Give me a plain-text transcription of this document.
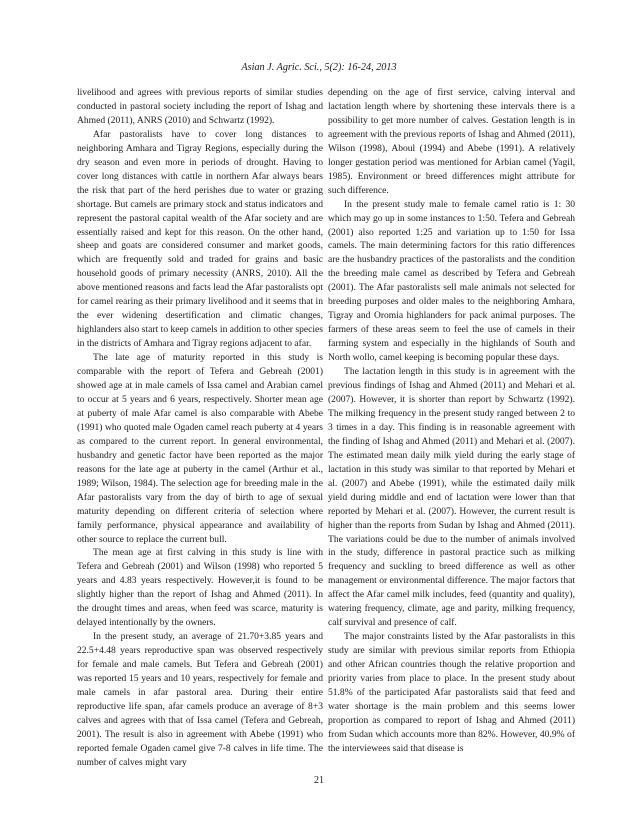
Asian J. Agric. Sci., 5(2): 16-24, 2013

livelihood and agrees with previous reports of similar studies conducted in pastoral society including the report of Ishag and Ahmed (2011), ANRS (2010) and Schwartz (1992).

Afar pastoralists have to cover long distances to neighboring Amhara and Tigray Regions, especially during the dry season and even more in periods of drought. Having to cover long distances with cattle in northern Afar always bears the risk that part of the herd perishes due to water or grazing shortage. But camels are primary stock and status indicators and represent the pastoral capital wealth of the Afar society and are essentially raised and kept for this reason. On the other hand, sheep and goats are considered consumer and market goods, which are frequently sold and traded for grains and basic household goods of primary necessity (ANRS, 2010). All the above mentioned reasons and facts lead the Afar pastoralists opt for camel rearing as their primary livelihood and it seems that in the ever widening desertification and climatic changes, highlanders also start to keep camels in addition to other species in the districts of Amhara and Tigray regions adjacent to afar.

The late age of maturity reported in this study is comparable with the report of Tefera and Gebreah (2001) showed age at in male camels of Issa camel and Arabian camel to occur at 5 years and 6 years, respectively. Shorter mean age at puberty of male Afar camel is also comparable with Abebe (1991) who quoted male Ogaden camel reach puberty at 4 years as compared to the current report. In general environmental, husbandry and genetic factor have been reported as the major reasons for the late age at puberty in the camel (Arthur et al., 1989; Wilson, 1984). The selection age for breeding male in the Afar pastoralists vary from the day of birth to age of sexual maturity depending on different criteria of selection where family performance, physical appearance and availability of other source to replace the current bull.

The mean age at first calving in this study is line with Tefera and Gebreah (2001) and Wilson (1998) who reported 5 years and 4.83 years respectively. However,it is found to be slightly higher than the report of Ishag and Ahmed (2011). In the drought times and areas, when feed was scarce, maturity is delayed intentionally by the owners.

In the present study, an average of 21.70+3.85 years and 22.5+4.48 years reproductive span was observed respectively for female and male camels. But Tefera and Gebreah (2001) was reported 15 years and 10 years, respectively for female and male camels in afar pastoral area. During their entire reproductive life span, afar camels produce an average of 8+3 calves and agrees with that of Issa camel (Tefera and Gebreah, 2001). The result is also in agreement with Abebe (1991) who reported female Ogaden camel give 7-8 calves in life time. The number of calves might vary

depending on the age of first service, calving interval and lactation length where by shortening these intervals there is a possibility to get more number of calves. Gestation length is in agreement with the previous reports of Ishag and Ahmed (2011), Wilson (1998), Aboul (1994) and Abebe (1991). A relatively longer gestation period was mentioned for Arbian camel (Yagil, 1985). Environment or breed differences might attribute for such difference.

In the present study male to female camel ratio is 1: 30 which may go up in some instances to 1:50. Tefera and Gebreah (2001) also reported 1:25 and variation up to 1:50 for Issa camels. The main determining factors for this ratio differences are the husbandry practices of the pastoralists and the condition the breeding male camel as described by Tefera and Gebreah (2001). The Afar pastoralists sell male animals not selected for breeding purposes and older males to the neighboring Amhara, Tigray and Oromia highlanders for pack animal purposes. The farmers of these areas seem to feel the use of camels in their farming system and especially in the highlands of South and North wollo, camel keeping is becoming popular these days.

The lactation length in this study is in agreement with the previous findings of Ishag and Ahmed (2011) and Mehari et al. (2007). However, it is shorter than report by Schwartz (1992). The milking frequency in the present study ranged between 2 to 3 times in a day. This finding is in reasonable agreement with the finding of Ishag and Ahmed (2011) and Mehari et al. (2007). The estimated mean daily milk yield during the early stage of lactation in this study was similar to that reported by Mehari et al. (2007) and Abebe (1991), while the estimated daily milk yield during middle and end of lactation were lower than that reported by Mehari et al. (2007). However, the current result is higher than the reports from Sudan by Ishag and Ahmed (2011). The variations could be due to the number of animals involved in the study, difference in pastoral practice such as milking frequency and suckling to breed difference as well as other management or environmental difference. The major factors that affect the Afar camel milk includes, feed (quantity and quality), watering frequency, climate, age and parity, milking frequency, calf survival and presence of calf.

The major constraints listed by the Afar pastoralists in this study are similar with previous similar reports from Ethiopia and other African countries though the relative proportion and priority varies from place to place. In the present study about 51.8% of the participated Afar pastoralists said that feed and water shortage is the main problem and this seems lower proportion as compared to report of Ishag and Ahmed (2011) from Sudan which accounts more than 82%. However, 40.9% of the interviewees said that disease is

21
